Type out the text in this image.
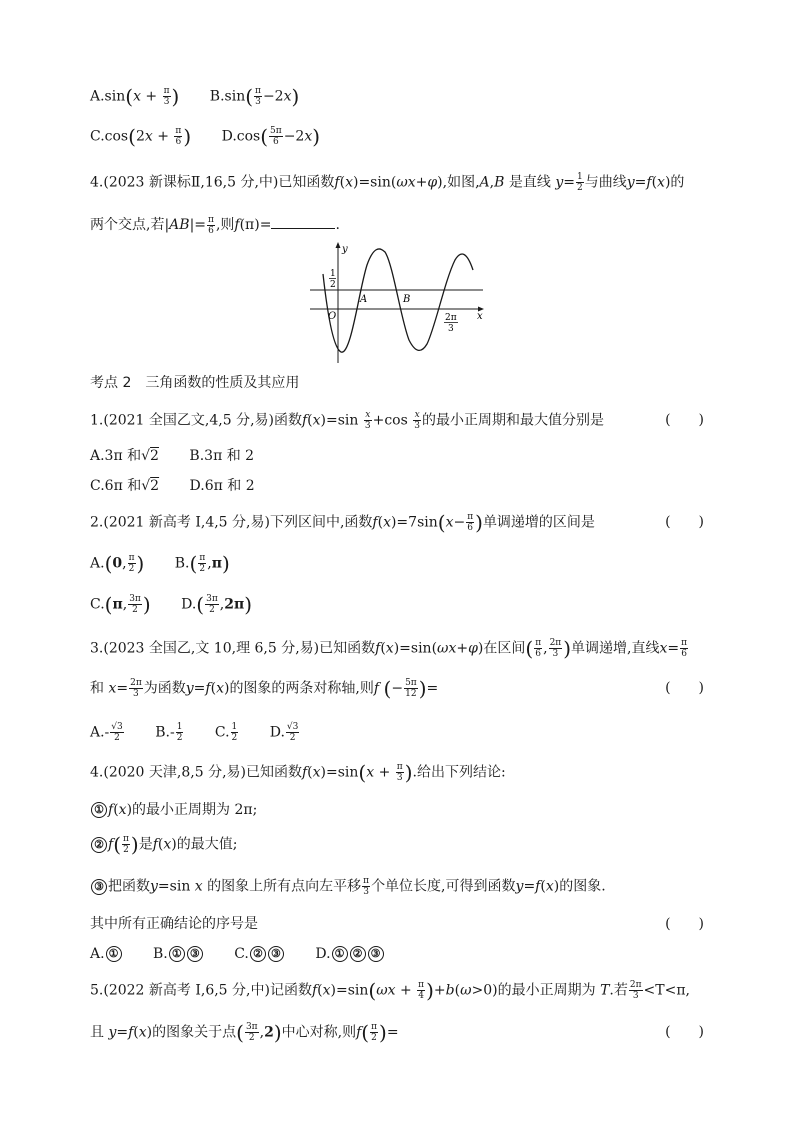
$A.\sin(x + \frac{\pi}{3}$ ) $B.\sin( \frac{\pi}{3} -2x)$
$C.\cos(2x + \frac{\pi}{6}$ ) $D.\cos( \frac{5\pi}{6} -2x)$
4.(2023 新课标Ⅱ,16,5 分,中)已知函数f(x)=sin(ωx+φ),如图,A,B 是直线 $y= \frac{1}{2}$ 与曲线y=f(x)的
两个交点,若$|AB|= \frac{\pi}{6}$ ,则f(π)=	.
y
x
O
1
2
A	B
2π
3
考点 2　三角函数的性质及其应用
1.(2021 全国乙文,4,5 分,易)函数$f(x)=\sin \frac{x}{3} +\cos \frac{x}{3}$ 的最小正周期和最大值分别是	(　　)
A.3π 和√2 B.3π 和 2
C.6π 和√2 D.6π 和 2
2.(2021 新高考 Ⅰ,4,5 分,易)下列区间中,函数$f(x)=7\sin(x- \frac{\pi}{6}$ )单调递增的区间是	(　　)
A.(0, $\frac{\pi}{2}$ ) $B.( \frac{\pi}{2} ,\pi)$
C.(π, $\frac{3\pi}{2}$ ) $D.( \frac{3\pi}{2} ,2\pi)$
3.(2023 全国乙,文 10,理 6,5 分,易)已知函数f(x)=sin(ωx+φ)在区间( $\frac{\pi}{6}$ , $\frac{2\pi}{3}$ )单调递增,直线$x= \frac{\pi}{6}$
和 $x= \frac{2\pi}{3}$ 为函数y=f(x)的图象的两条对称轴,则f (− $\frac{5\pi}{12}$ )=	(　　)
$A.- \frac{√3}{2} B.- \frac{1}{2} C$. $\frac{1}{2} D$. $\frac{√3}{2}$
4.(2020 天津,8,5 分,易)已知函数$f(x)=\sin(x + \frac{\pi}{3}$ ).给出下列结论:
① f(x)的最小正周期为 2π;
② $f( \frac{\pi}{2}$ )是f(x)的最大值;
③ 把函数y=sin x 的图象上所有点向左平移 $\frac{\pi}{3}$ 个单位长度,可得到函数y=f(x)的图象.
其中所有正确结论的序号是	(　　)
A. ① B. ① ③ C. ② ③ D. ① ② ③
5.(2022 新高考 Ⅰ,6,5 分,中)记函数$f(x)=\sin(\omega x + \frac{\pi}{4} )+b(\omega>0)$的最小正周期为 T.若 $\frac{2\pi}{3} <T<\pi$,
且 y=f(x)的图象关于点( $\frac{3\pi}{2} ,2$)中心对称,则$f( \frac{\pi}{2}$ )=	(　　)
